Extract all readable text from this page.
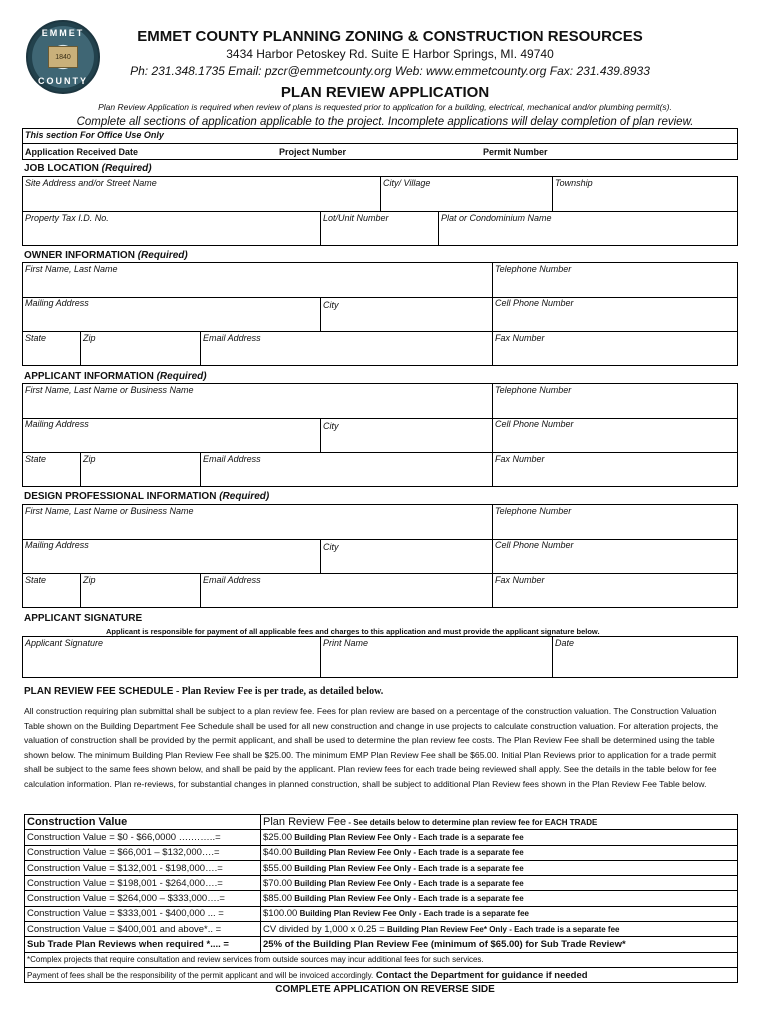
EMMET
1840
COUNTY
EMMET COUNTY PLANNING ZONING & CONSTRUCTION RESOURCES
3434 Harbor Petoskey Rd. Suite E Harbor Springs, MI. 49740
Ph: 231.348.1735 Email: pzcr@emmetcounty.org Web: www.emmetcounty.org Fax: 231.439.8933
PLAN REVIEW APPLICATION
Plan Review Application is required when review of plans is requested prior to application for a building, electrical, mechanical and/or plumbing permit(s).
Complete all sections of application applicable to the project. Incomplete applications will delay completion of plan review.
This section For Office Use Only
Application Received Date	Project Number	Permit Number
JOB LOCATION (Required)
Site Address and/or Street Name	City/ Village	Township
Property Tax I.D. No.	Lot/Unit Number	Plat or Condominium Name
OWNER INFORMATION (Required)
First Name, Last Name	Telephone Number
Mailing Address	City	Cell Phone Number
State	Zip	Email Address	Fax Number
APPLICANT INFORMATION (Required)
First Name, Last Name or Business Name	Telephone Number
Mailing Address	City	Cell Phone Number
State	Zip	Email Address	Fax Number
DESIGN PROFESSIONAL INFORMATION (Required)
First Name, Last Name or Business Name	Telephone Number
Mailing Address	City	Cell Phone Number
State	Zip	Email Address	Fax Number
APPLICANT SIGNATURE
Applicant is responsible for payment of all applicable fees and charges to this application and must provide the applicant signature below.
Applicant Signature	Print Name	Date
PLAN REVIEW FEE SCHEDULE - Plan Review Fee is per trade, as detailed below.
All construction requiring plan submittal shall be subject to a plan review fee. Fees for plan review are based on a percentage of the construction valuation. The Construction Valuation Table shown on the Building Department Fee Schedule shall be used for all new construction and change in use projects to calculate construction valuation. For alteration projects, the valuation of construction shall be provided by the permit applicant, and shall be used to determine the plan review fee costs. The Plan Review Fee shall be determined using the table shown below. The minimum Building Plan Review Fee shall be $25.00. The minimum EMP Plan Review Fee shall be $65.00. Initial Plan Reviews prior to application for a trade permit shall be subject to the same fees shown below, and shall be paid by the applicant. Plan review fees for each trade being reviewed shall apply. See the details in the table below for fee calculation information. Plan re-reviews, for substantial changes in planned construction, shall be subject to additional Plan Review fees shown in the Plan Review Fee Table below.
Construction Value	Plan Review Fee - See details below to determine plan review fee for EACH TRADE
Construction Value = $0 - $66,0000 ….……..=	$25.00 Building Plan Review Fee Only - Each trade is a separate fee
Construction Value = $66,001 – $132,000….=	$40.00 Building Plan Review Fee Only - Each trade is a separate fee
Construction Value = $132,001 - $198,000….=	$55.00 Building Plan Review Fee Only - Each trade is a separate fee
Construction Value = $198,001 - $264,000….=	$70.00 Building Plan Review Fee Only - Each trade is a separate fee
Construction Value = $264,000 – $333,000….=	$85.00 Building Plan Review Fee Only - Each trade is a separate fee
Construction Value = $333,001 - $400,000 ... =	$100.00 Building Plan Review Fee Only - Each trade is a separate fee
Construction Value = $400,001 and above*.. =	CV divided by 1,000 x 0.25 = Building Plan Review Fee* Only - Each trade is a separate fee
Sub Trade Plan Reviews when required *.... =	25% of the Building Plan Review Fee (minimum of $65.00) for Sub Trade Review*
*Complex projects that require consultation and review services from outside sources may incur additional fees for such services.	
Payment of fees shall be the responsibility of the permit applicant and will be invoiced accordingly. Contact the Department for guidance if needed	
COMPLETE APPLICATION ON REVERSE SIDE
